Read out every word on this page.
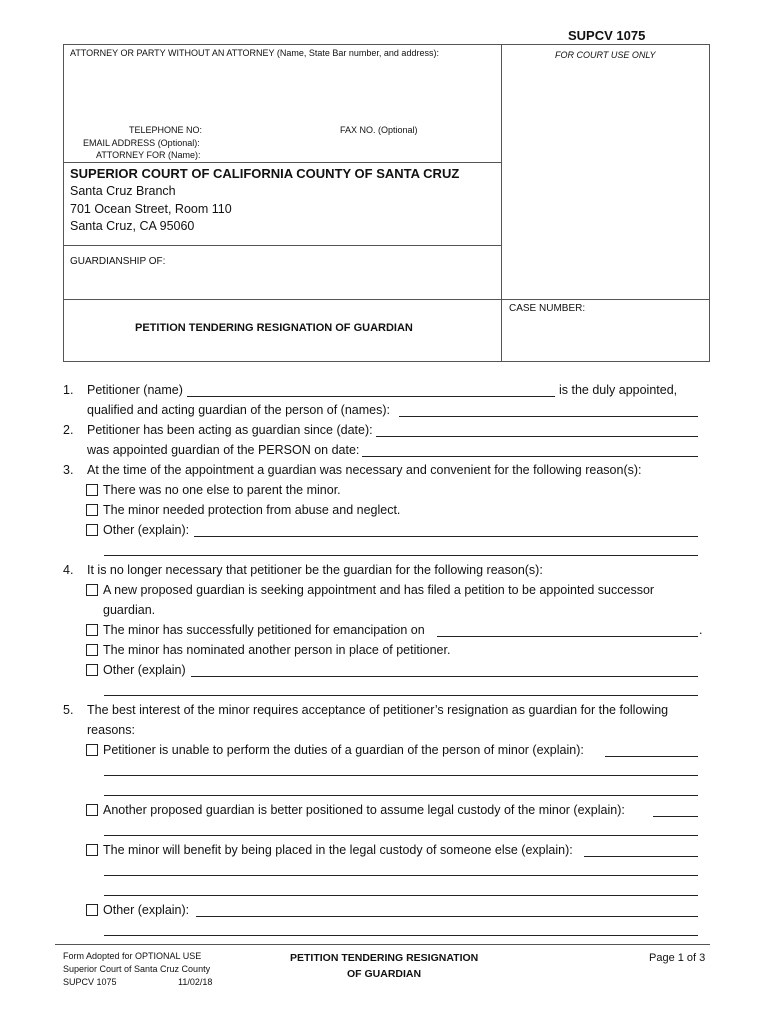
SUPCV 1075
ATTORNEY OR PARTY WITHOUT AN ATTORNEY (Name, State Bar number, and address):	FOR COURT USE ONLY
TELEPHONE NO:	FAX NO. (Optional)
EMAIL ADDRESS (Optional):
ATTORNEY FOR (Name):
SUPERIOR COURT OF CALIFORNIA COUNTY OF SANTA CRUZ
Santa Cruz Branch
701 Ocean Street, Room 110
Santa Cruz, CA 95060
GUARDIANSHIP OF:
CASE NUMBER:
PETITION TENDERING RESIGNATION OF GUARDIAN
1. Petitioner (name)	is the duly appointed,
qualified and acting guardian of the person of (names):
2. Petitioner has been acting as guardian since (date):
was appointed guardian of the PERSON on date:
3. At the time of the appointment a guardian was necessary and convenient for the following reason(s):
There was no one else to parent the minor.
The minor needed protection from abuse and neglect.
Other (explain):
4. It is no longer necessary that petitioner be the guardian for the following reason(s):
A new proposed guardian is seeking appointment and has filed a petition to be appointed successor
guardian.
The minor has successfully petitioned for emancipation on	.
The minor has nominated another person in place of petitioner.
Other (explain)
5. The best interest of the minor requires acceptance of petitioner’s resignation as guardian for the following
reasons:
Petitioner is unable to perform the duties of a guardian of the person of minor (explain):
Another proposed guardian is better positioned to assume legal custody of the minor (explain):
The minor will benefit by being placed in the legal custody of someone else (explain):
Other (explain):
Form Adopted for OPTIONAL USE
Superior Court of Santa Cruz County
SUPCV 1075	11/02/18
PETITION TENDERING RESIGNATION
OF GUARDIAN
Page 1 of 3
